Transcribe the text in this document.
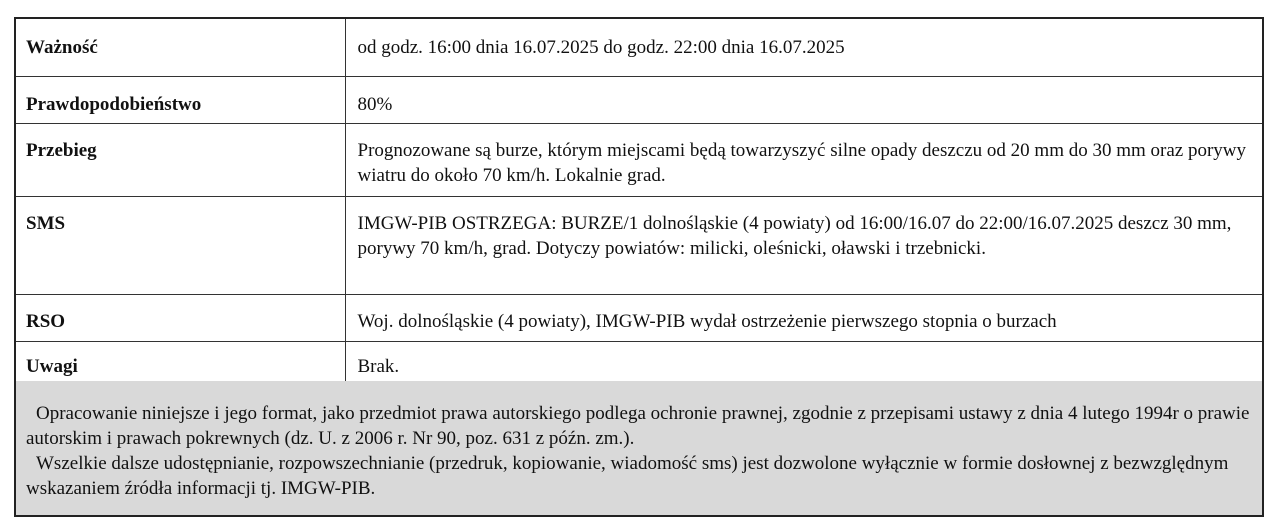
Ważność	od godz. 16:00 dnia 16.07.2025 do godz. 22:00 dnia 16.07.2025
Prawdopodobieństwo	80%
Przebieg	Prognozowane są burze, którym miejscami będą towarzyszyć silne opady deszczu od 20 mm do 30 mm oraz porywy wiatru do około 70 km/h. Lokalnie grad.
SMS	IMGW-PIB OSTRZEGA: BURZE/1 dolnośląskie (4 powiaty) od 16:00/16.07 do 22:00/16.07.2025 deszcz 30 mm, porywy 70 km/h, grad. Dotyczy powiatów: milicki, oleśnicki, oławski i trzebnicki.
RSO	Woj. dolnośląskie (4 powiaty), IMGW-PIB wydał ostrzeżenie pierwszego stopnia o burzach
Uwagi	Brak.

Opracowanie niniejsze i jego format, jako przedmiot prawa autorskiego podlega ochronie prawnej, zgodnie z przepisami ustawy z dnia 4 lutego 1994r o prawie autorskim i prawach pokrewnych (dz. U. z 2006 r. Nr 90, poz. 631 z późn. zm.).

Wszelkie dalsze udostępnianie, rozpowszechnianie (przedruk, kopiowanie, wiadomość sms) jest dozwolone wyłącznie w formie dosłownej z bezwzględnym wskazaniem źródła informacji tj. IMGW-PIB.
